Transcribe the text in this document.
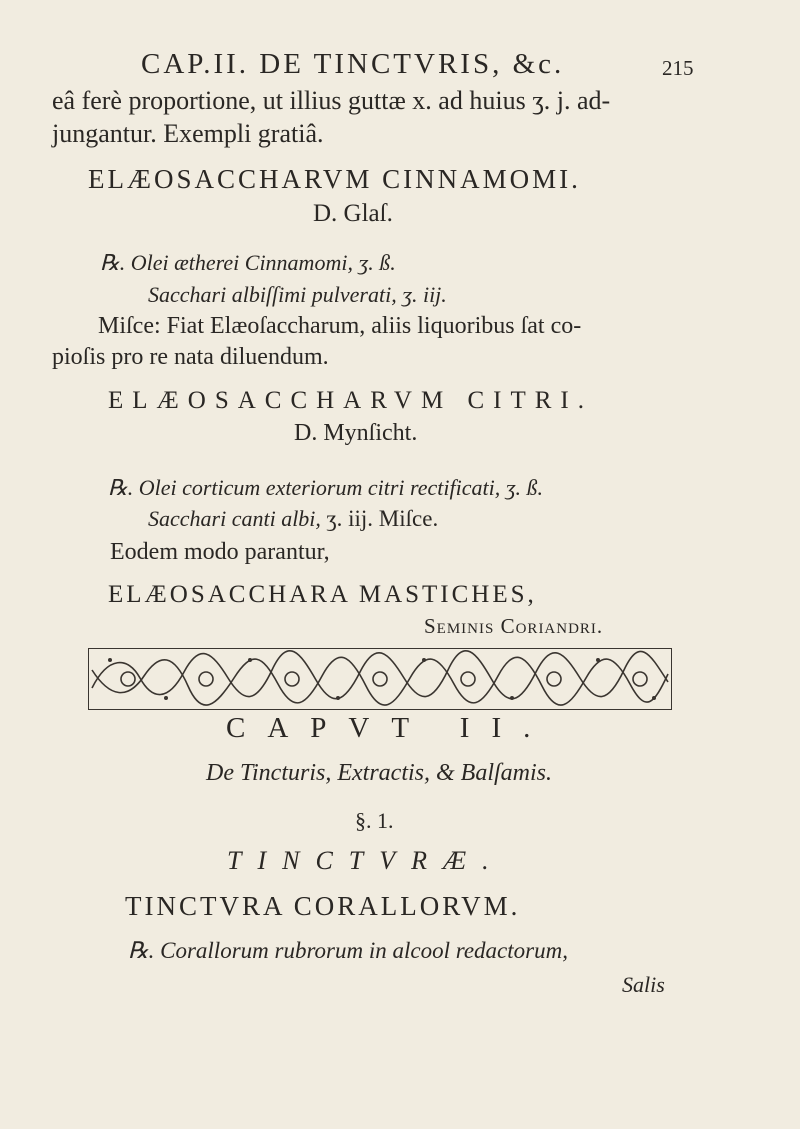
CAP.II. DE TINCTVRIS, &c.	215
eâ ferè proportione, ut illius guttæ x. ad huius ʒ. j. ad-
jungantur. Exempli gratiâ.
ELÆOSACCHARVM CINNAMOMI.
D. Glaſ.
℞. Olei ætherei Cinnamomi, ʒ. ß.
Sacchari albiſſimi pulverati, ʒ. iij.
Miſce: Fiat Elæoſaccharum, aliis liquoribus ſat co-
pioſis pro re nata diluendum.
ELÆOSACCHARVM CITRI.
D. Mynſicht.
℞. Olei corticum exteriorum citri rectificati, ʒ. ß.
Sacchari canti albi, ʒ. iij. Miſce.
Eodem modo parantur,
ELÆOSACCHARA MASTICHES,
Seminis Coriandri.
CAPVT II.
De Tincturis, Extractis, & Balſamis.
§. 1.
TINCTVRÆ.
TINCTVRA CORALLORVM.
℞. Corallorum rubrorum in alcool redactorum,
Salis
